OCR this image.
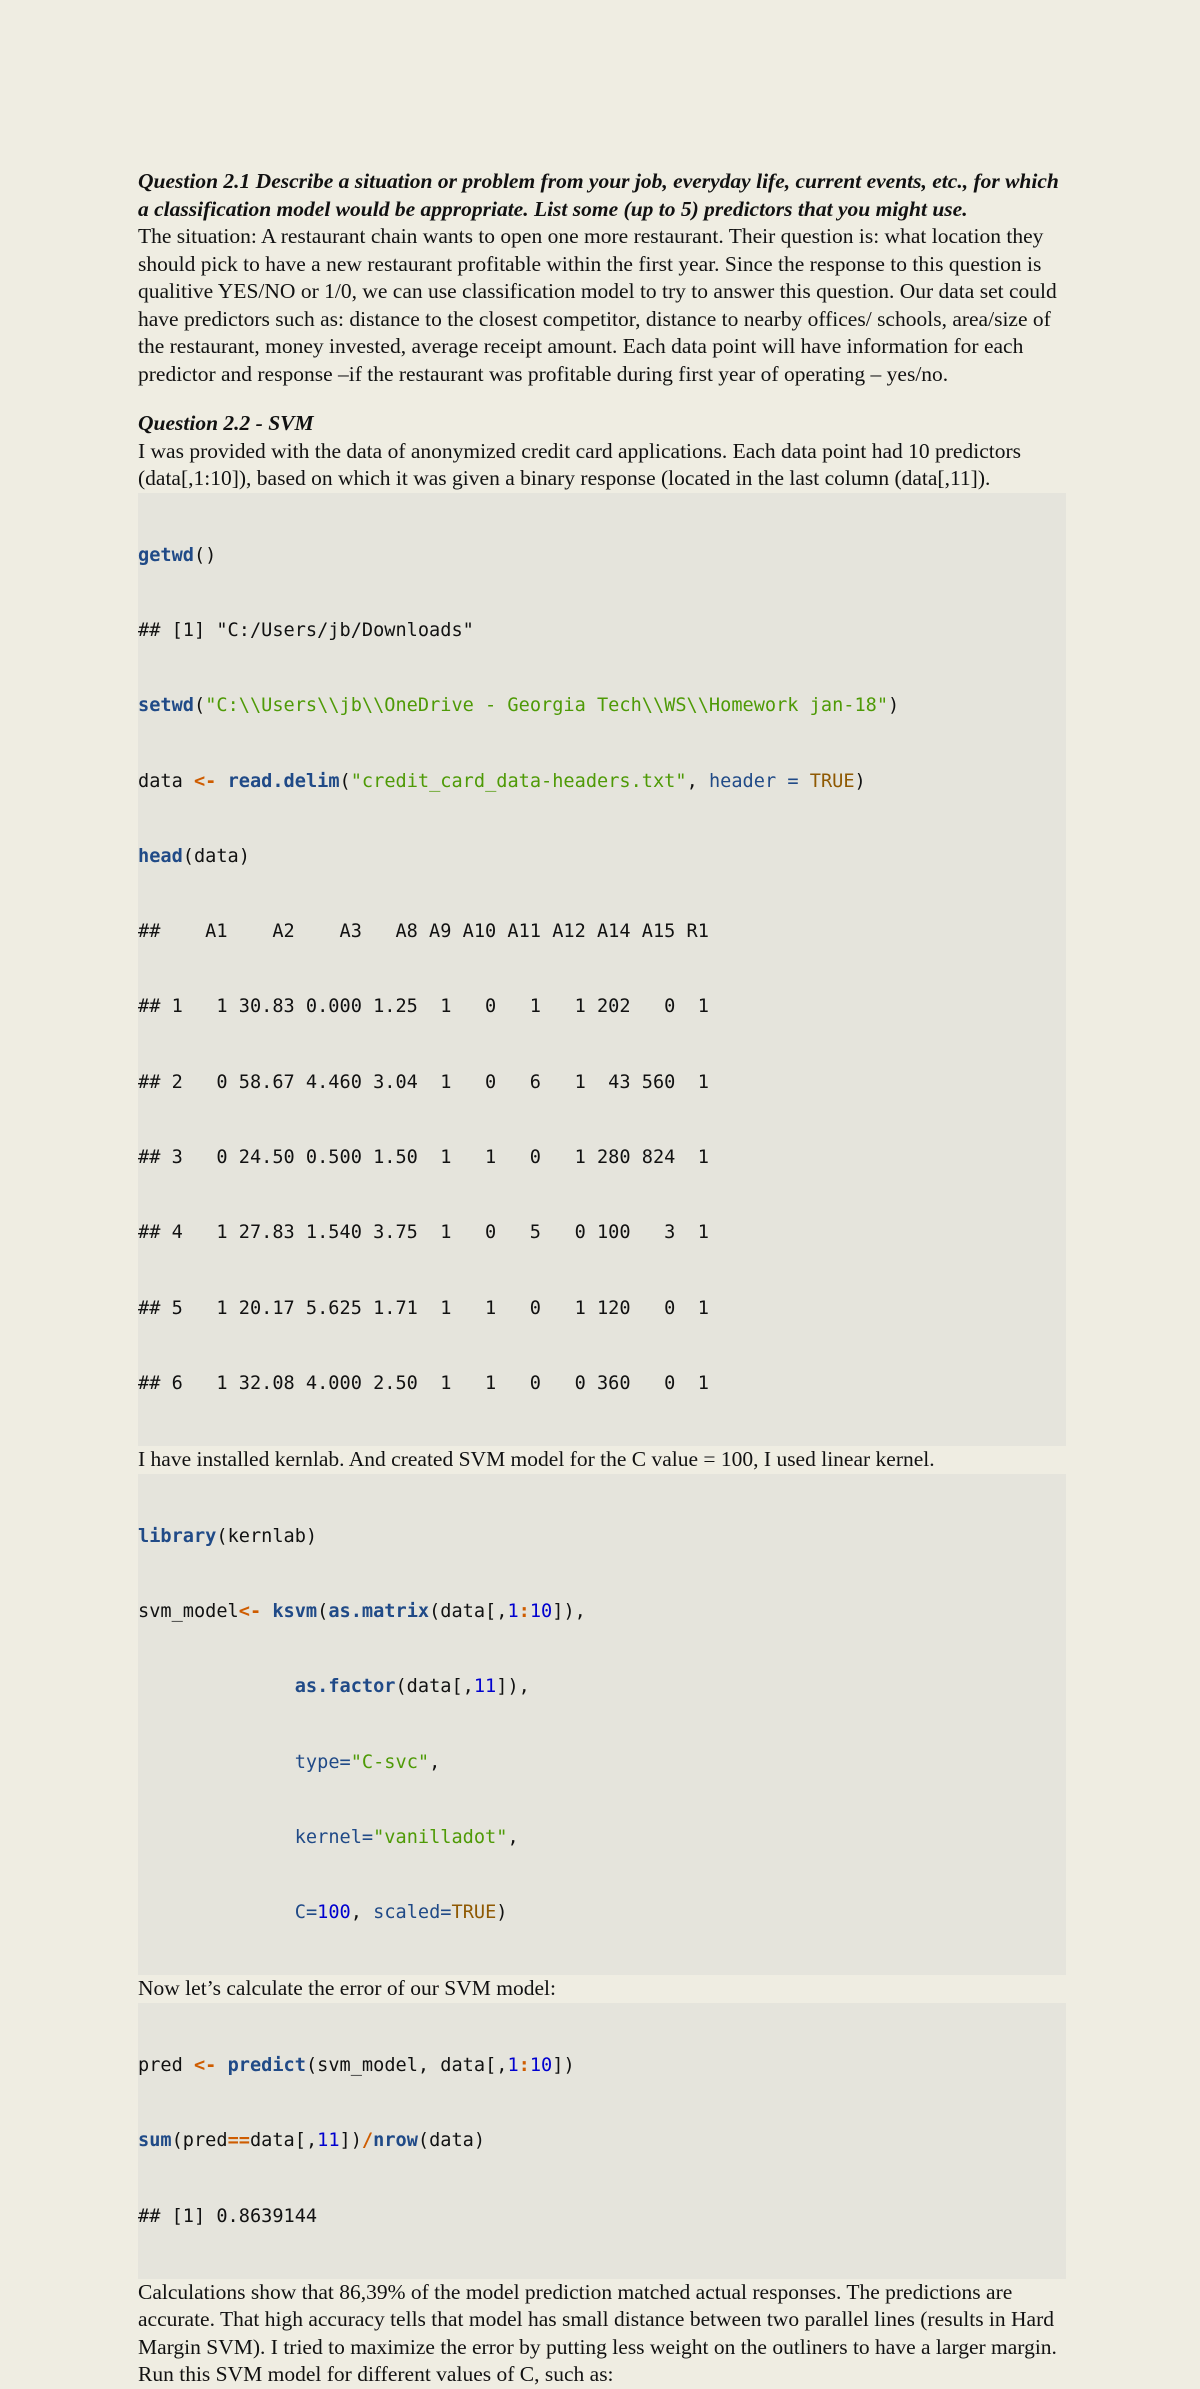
Question 2.1 Describe a situation or problem from your job, everyday life, current events, etc., for which a classification model would be appropriate. List some (up to 5) predictors that you might use.

The situation: A restaurant chain wants to open one more restaurant. Their question is: what location they should pick to have a new restaurant profitable within the first year. Since the response to this question is qualitive YES/NO or 1/0, we can use classification model to try to answer this question. Our data set could have predictors such as: distance to the closest competitor, distance to nearby offices/ schools, area/size of the restaurant, money invested, average receipt amount. Each data point will have information for each predictor and response –if the restaurant was profitable during first year of operating – yes/no.

Question 2.2 - SVM

I was provided with the data of anonymized credit card applications. Each data point had 10 predictors (data[,1:10]), based on which it was given a binary response (located in the last column (data[,11]).

getwd()

## [1] "C:/Users/jb/Downloads"

setwd("C:\\Users\\jb\\OneDrive - Georgia Tech\\WS\\Homework jan-18")

data <- read.delim("credit_card_data-headers.txt", header = TRUE)

head(data)

##    A1    A2    A3   A8 A9 A10 A11 A12 A14 A15 R1

## 1   1 30.83 0.000 1.25  1   0   1   1 202   0  1

## 2   0 58.67 4.460 3.04  1   0   6   1  43 560  1

## 3   0 24.50 0.500 1.50  1   1   0   1 280 824  1

## 4   1 27.83 1.540 3.75  1   0   5   0 100   3  1

## 5   1 20.17 5.625 1.71  1   1   0   1 120   0  1

## 6   1 32.08 4.000 2.50  1   1   0   0 360   0  1

I have installed kernlab. And created SVM model for the C value = 100, I used linear kernel.

library(kernlab)

svm_model<- ksvm(as.matrix(data[,1:10]),

as.factor(data[,11]),

type="C-svc",

kernel="vanilladot",

C=100, scaled=TRUE)

Now let’s calculate the error of our SVM model:

pred <- predict(svm_model, data[,1:10])

sum(pred==data[,11])/nrow(data)

## [1] 0.8639144

Calculations show that 86,39% of the model prediction matched actual responses. The predictions are accurate. That high accuracy tells that model has small distance between two parallel lines (results in Hard Margin SVM). I tried to maximize the error by putting less weight on the outliners to have a larger margin. Run this SVM model for different values of C, such as:
